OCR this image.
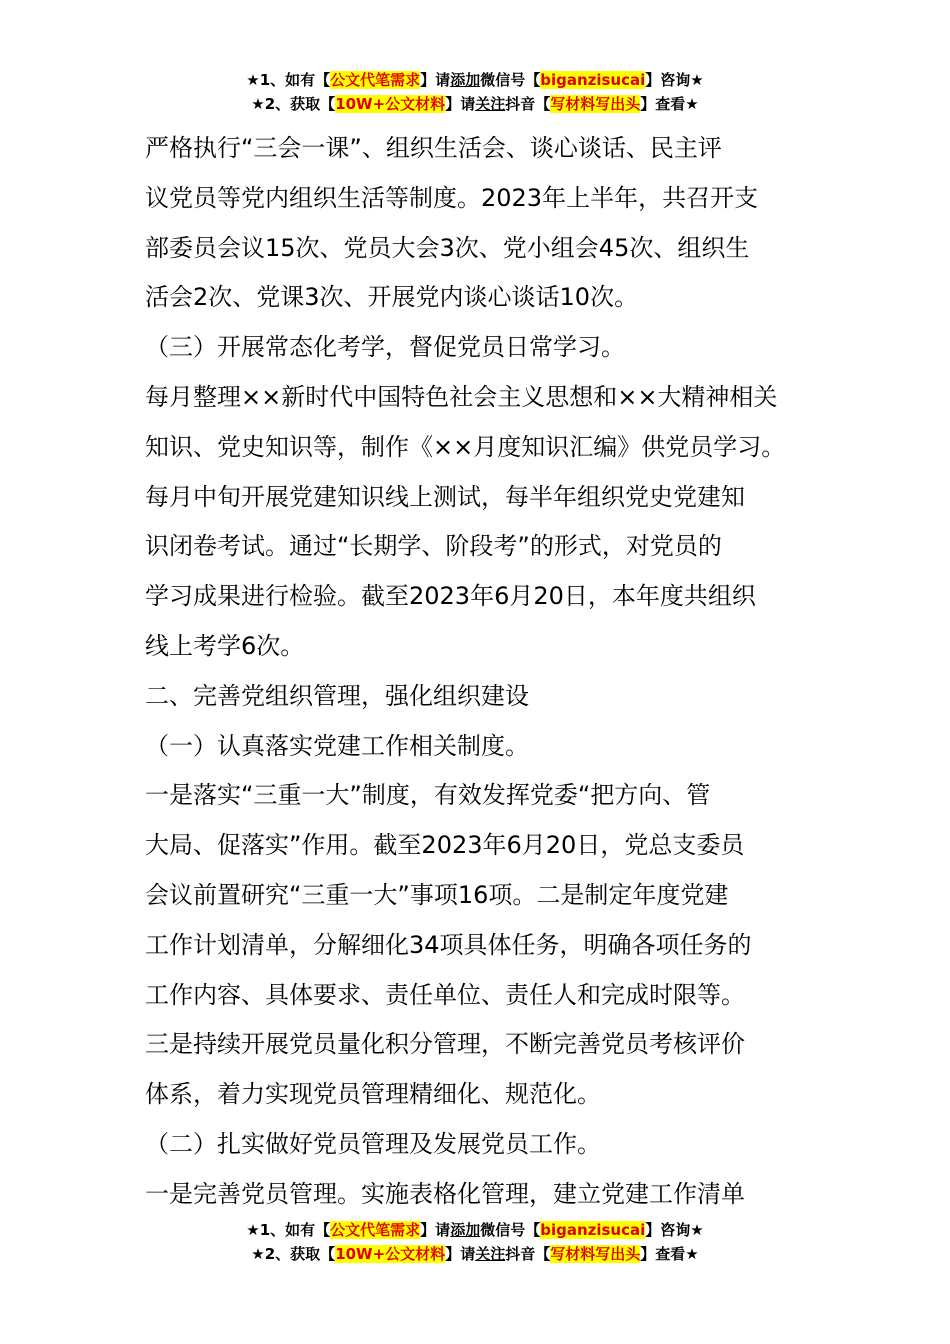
★1、如有【公文代笔需求】请添加微信号【biganzisucai】咨询★
★2、获取【10W+公文材料】请关注抖音【写材料写出头】查看★
严格执行“三会一课”、组织生活会、谈心谈话、民主评
议党员等党内组织生活等制度。2023年上半年，共召开支
部委员会议15次、党员大会3次、党小组会45次、组织生
活会2次、党课3次、开展党内谈心谈话10次。
（三）开展常态化考学，督促党员日常学习。
每月整理××新时代中国特色社会主义思想和××大精神相关
知识、党史知识等，制作《××月度知识汇编》供党员学习。
每月中旬开展党建知识线上测试，每半年组织党史党建知
识闭卷考试。通过“长期学、阶段考”的形式，对党员的
学习成果进行检验。截至2023年6月20日，本年度共组织
线上考学6次。
二、完善党组织管理，强化组织建设
（一）认真落实党建工作相关制度。
一是落实“三重一大”制度，有效发挥党委“把方向、管
大局、促落实”作用。截至2023年6月20日，党总支委员
会议前置研究“三重一大”事项16项。二是制定年度党建
工作计划清单，分解细化34项具体任务，明确各项任务的
工作内容、具体要求、责任单位、责任人和完成时限等。
三是持续开展党员量化积分管理，不断完善党员考核评价
体系，着力实现党员管理精细化、规范化。
（二）扎实做好党员管理及发展党员工作。
一是完善党员管理。实施表格化管理，建立党建工作清单
★1、如有【公文代笔需求】请添加微信号【biganzisucai】咨询★
★2、获取【10W+公文材料】请关注抖音【写材料写出头】查看★
